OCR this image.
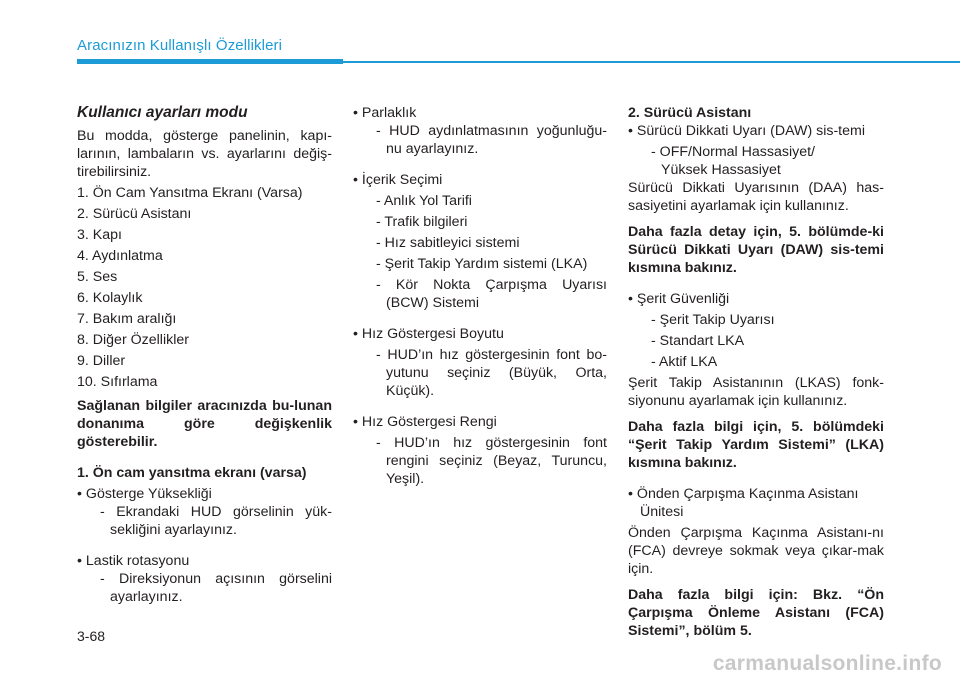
Aracınızın Kullanışlı Özellikleri

Kullanıcı ayarları modu

Bu modda, gösterge panelinin, kapı-larının, lambaların vs. ayarlarını değiş-tirebilirsiniz.

1. Ön Cam Yansıtma Ekranı (Varsa)

2. Sürücü Asistanı

3. Kapı

4. Aydınlatma

5. Ses

6. Kolaylık

7. Bakım aralığı

8. Diğer Özellikler

9. Diller

10. Sıfırlama

Sağlanan bilgiler aracınızda bu-lunan donanıma göre değişkenlik gösterebilir.

1. Ön cam yansıtma ekranı (varsa)

• Gösterge Yüksekliği

- Ekrandaki HUD görselinin yük-sekliğini ayarlayınız.

• Lastik rotasyonu

- Direksiyonun açısının görselini ayarlayınız.

• Parlaklık

- HUD aydınlatmasının yoğunluğu-nu ayarlayınız.

• İçerik Seçimi

- Anlık Yol Tarifi

- Trafik bilgileri

- Hız sabitleyici sistemi

- Şerit Takip Yardım sistemi (LKA)

- Kör Nokta Çarpışma Uyarısı (BCW) Sistemi

• Hız Göstergesi Boyutu

- HUD’ın hız göstergesinin font bo-yutunu seçiniz (Büyük, Orta, Küçük).

• Hız Göstergesi Rengi

- HUD’ın hız göstergesinin font rengini seçiniz (Beyaz, Turuncu, Yeşil).

2. Sürücü Asistanı

• Sürücü Dikkati Uyarı (DAW) sis-temi

- OFF/Normal Hassasiyet/

Yüksek Hassasiyet

Sürücü Dikkati Uyarısının (DAA) has-sasiyetini ayarlamak için kullanınız.

Daha fazla detay için, 5. bölümde-ki Sürücü Dikkati Uyarı (DAW) sis-temi kısmına bakınız.

• Şerit Güvenliği

- Şerit Takip Uyarısı

- Standart LKA

- Aktif LKA

Şerit Takip Asistanının (LKAS) fonk-siyonunu ayarlamak için kullanınız.

Daha fazla bilgi için, 5. bölümdeki “Şerit Takip Yardım Sistemi” (LKA) kısmına bakınız.

• Önden Çarpışma Kaçınma Asistanı Ünitesi

Önden Çarpışma Kaçınma Asistanı-nı (FCA) devreye sokmak veya çıkar-mak için.

Daha fazla bilgi için: Bkz. “Ön Çarpışma Önleme Asistanı (FCA) Sistemi”, bölüm 5.

3-68
carmanualsonline.info
